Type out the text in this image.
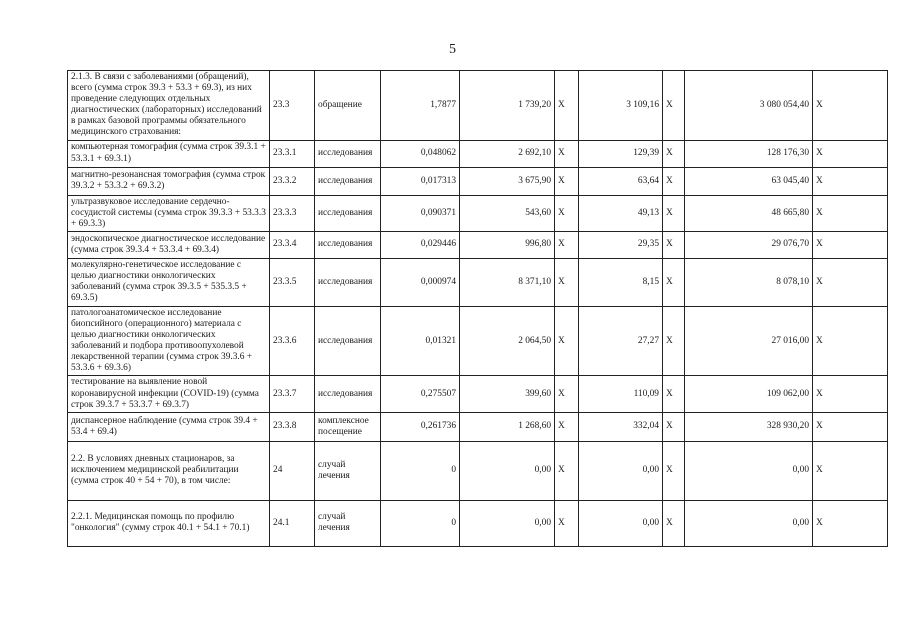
5
2.1.3. В связи с заболеваниями (обращений), всего (сумма строк 39.3 + 53.3 + 69.3), из них проведение следующих отдельных диагностических (лабораторных) исследований в рамках базовой программы обязательного медицинского страхования:	23.3	обращение	1,7877	1 739,20	X	3 109,16	X	3 080 054,40	X
компьютерная томография (сумма строк 39.3.1 + 53.3.1 + 69.3.1)	23.3.1	исследования	0,048062	2 692,10	X	129,39	X	128 176,30	X
магнитно-резонансная томография (сумма строк 39.3.2 + 53.3.2 + 69.3.2)	23.3.2	исследования	0,017313	3 675,90	X	63,64	X	63 045,40	X
ультразвуковое исследование сердечно-сосудистой системы (сумма строк 39.3.3 + 53.3.3 + 69.3.3)	23.3.3	исследования	0,090371	543,60	X	49,13	X	48 665,80	X
эндоскопическое диагностическое исследование (сумма строк 39.3.4 + 53.3.4 + 69.3.4)	23.3.4	исследования	0,029446	996,80	X	29,35	X	29 076,70	X
молекулярно-генетическое исследование с целью диагностики онкологических заболеваний (сумма строк 39.3.5 + 535.3.5 + 69.3.5)	23.3.5	исследования	0,000974	8 371,10	X	8,15	X	8 078,10	X
патологоанатомическое исследование биопсийного (операционного) материала с целью диагностики онкологических заболеваний и подбора противоопухолевой лекарственной терапии (сумма строк 39.3.6 + 53.3.6 + 69.3.6)	23.3.6	исследования	0,01321	2 064,50	X	27,27	X	27 016,00	X
тестирование на выявление новой коронавирусной инфекции (COVID-19) (сумма строк 39.3.7 + 53.3.7 + 69.3.7)	23.3.7	исследования	0,275507	399,60	X	110,09	X	109 062,00	X
диспансерное наблюдение (сумма строк 39.4 + 53.4 + 69.4)	23.3.8	комплексное посещение	0,261736	1 268,60	X	332,04	X	328 930,20	X
2.2. В условиях дневных стационаров, за исключением медицинской реабилитации (сумма строк 40 + 54 + 70), в том числе:	24	случай лечения	0	0,00	X	0,00	X	0,00	X
2.2.1. Медицинская помощь по профилю "онкология" (сумму строк 40.1 + 54.1 + 70.1)	24.1	случай лечения	0	0,00	X	0,00	X	0,00	X
